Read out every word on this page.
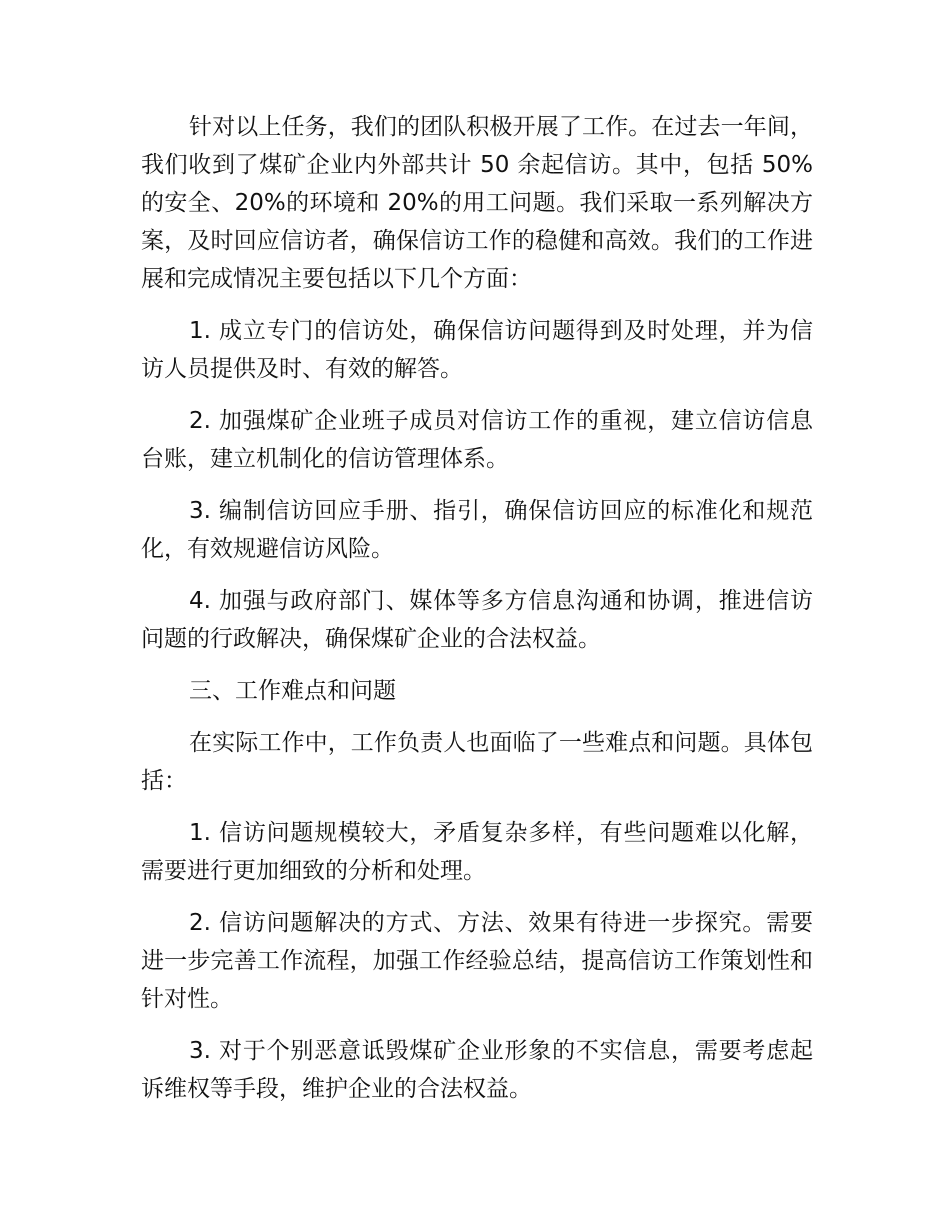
针对以上任务，我们的团队积极开展了工作。在过去一年间，我们收到了煤矿企业内外部共计 50 余起信访。其中，包括 50%的安全、20%的环境和 20%的用工问题。我们采取一系列解决方案，及时回应信访者，确保信访工作的稳健和高效。我们的工作进展和完成情况主要包括以下几个方面：

1. 成立专门的信访处，确保信访问题得到及时处理，并为信访人员提供及时、有效的解答。

2. 加强煤矿企业班子成员对信访工作的重视，建立信访信息台账，建立机制化的信访管理体系。

3. 编制信访回应手册、指引，确保信访回应的标准化和规范化，有效规避信访风险。

4. 加强与政府部门、媒体等多方信息沟通和协调，推进信访问题的行政解决，确保煤矿企业的合法权益。

三、工作难点和问题

在实际工作中，工作负责人也面临了一些难点和问题。具体包括：

1. 信访问题规模较大，矛盾复杂多样，有些问题难以化解，需要进行更加细致的分析和处理。

2. 信访问题解决的方式、方法、效果有待进一步探究。需要进一步完善工作流程，加强工作经验总结，提高信访工作策划性和针对性。

3. 对于个别恶意诋毁煤矿企业形象的不实信息，需要考虑起诉维权等手段，维护企业的合法权益。
